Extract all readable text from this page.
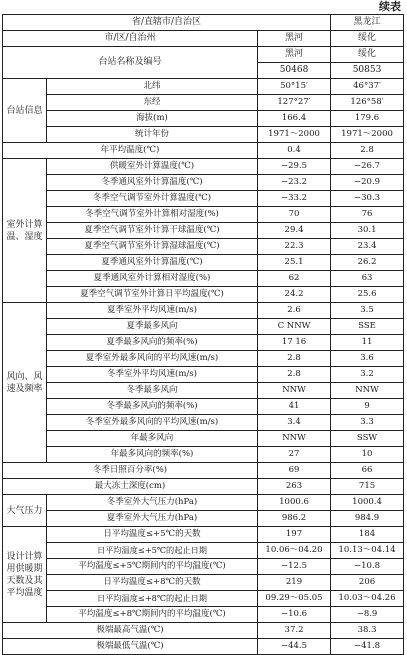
续表
省/直辖市/自治区			黑龙江
市/区/自治州		黑河	绥化
台站名称及编号		黑河	绥化
		50468	50853
台站信息	北纬	50°15′	46°37′
	东经	127°27′	126°58′
	海拔(m)	166.4	179.6
	统计年份	1971～2000	1971～2000
年平均温度(℃)		0.4	2.8
室外计算温、湿度	供暖室外计算温度(℃)	−29.5	−26.7
	冬季通风室外计算温度(℃)	−23.2	−20.9
	冬季空气调节室外计算温度(℃)	−33.2	−30.3
	冬季空气调节室外计算相对湿度(%)	70	76
	夏季空气调节室外计算干球温度(℃)	29.4	30.1
	夏季空气调节室外计算湿球温度(℃)	22.3	23.4
	夏季通风室外计算温度(℃)	25.1	26.2
	夏季通风室外计算相对湿度(%)	62	63
	夏季空气调节室外计算日平均温度(℃)	24.2	25.6
风向、风速及频率	夏季室外平均风速(m/s)	2.6	3.5
	夏季最多风向	C NNW	SSE
	夏季最多风向的频率(%)	17 16	11
	夏季室外最多风向的平均风速(m/s)	2.8	3.6
	冬季室外平均风速(m/s)	2.8	3.2
	冬季最多风向	NNW	NNW
	冬季最多风向的频率(%)	41	9
	冬季室外最多风向的平均风速(m/s)	3.4	3.3
	年最多风向	NNW	SSW
	年最多风向的频率(%)	27	10
冬季日照百分率(%)		69	66
最大冻土深度(cm)		263	715
大气压力	冬季室外大气压力(hPa)	1000.6	1000.4
	夏季室外大气压力(hPa)	986.2	984.9
设计计算用供暖期天数及其平均温度	日平均温度≤+5℃的天数	197	184
	日平均温度≤+5℃的起止日期	10.06～04.20	10.13～04.14
	平均温度≤+5℃期间内的平均温度(℃)	−12.5	−10.8
	日平均温度≤+8℃的天数	219	206
	日平均温度≤+8℃的起止日期	09.29～05.05	10.03～04.26
	平均温度≤+8℃期间内的平均温度(℃)	−10.6	−8.9
极端最高气温(℃)		37.2	38.3
极端最低气温(℃)		−44.5	−41.8
